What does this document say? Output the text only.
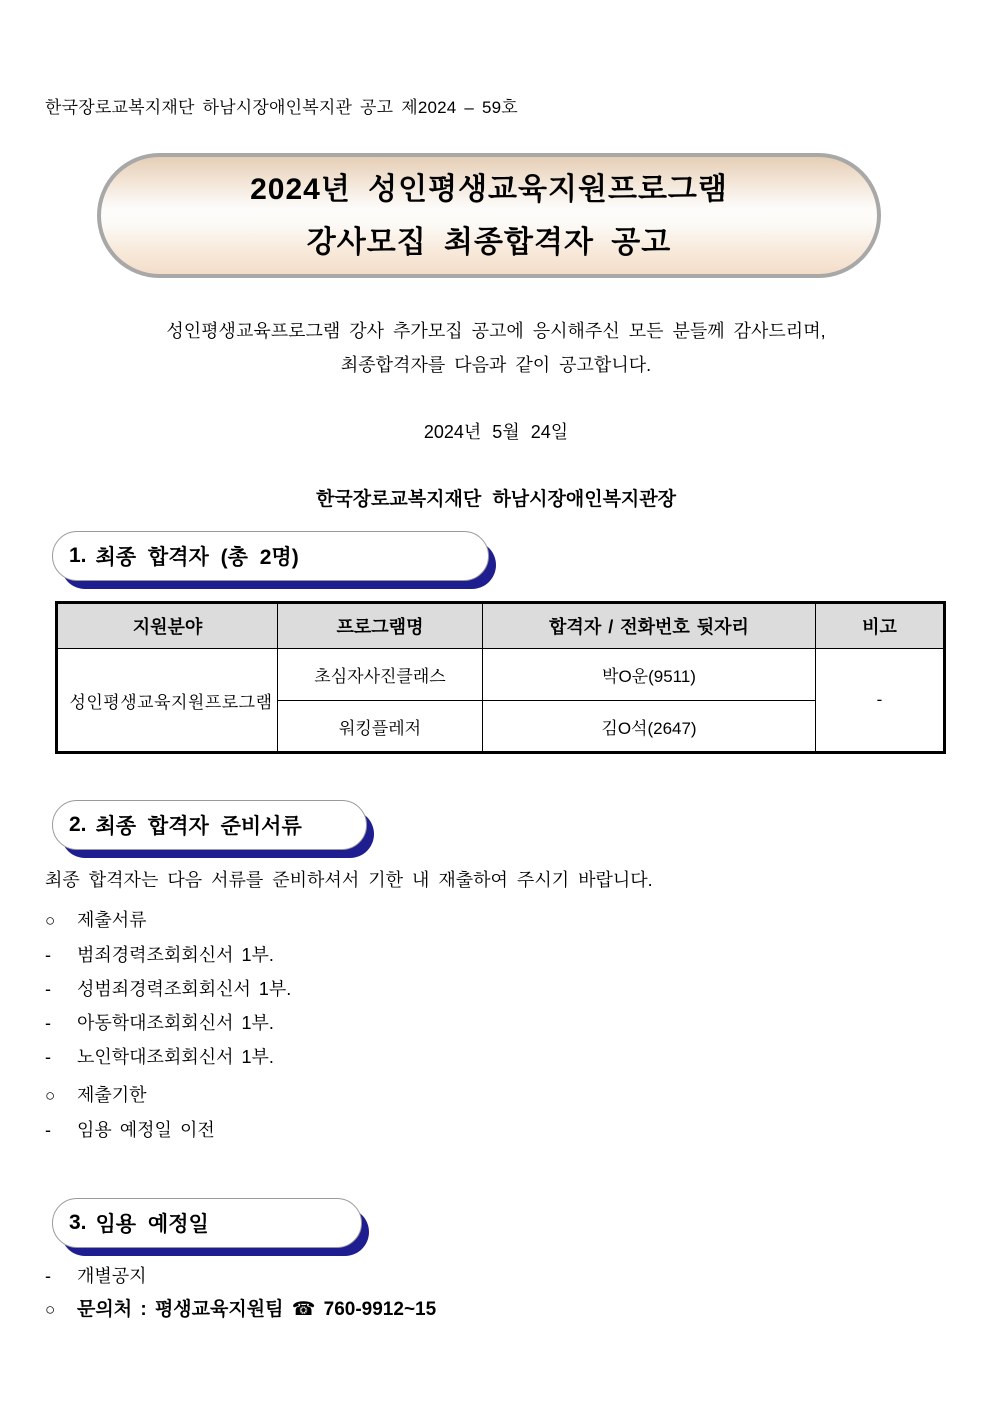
한국장로교복지재단 하남시장애인복지관 공고 제2024 – 59호
2024년 성인평생교육지원프로그램
강사모집 최종합격자 공고
성인평생교육프로그램 강사 추가모집 공고에 응시해주신 모든 분들께 감사드리며,
최종합격자를 다음과 같이 공고합니다.
2024년 5월 24일
한국장로교복지재단 하남시장애인복지관장
1. 최종 합격자 (총 2명)
지원분야	프로그램명	합격자 / 전화번호 뒷자리	비고
성인평생교육지원프로그램	초심자사진클래스	박O운(9511)	-
	워킹플레저	김O석(2647)	
2. 최종 합격자 준비서류
최종 합격자는 다음 서류를 준비하셔서 기한 내 재출하여 주시기 바랍니다.
○	제출서류
-	범죄경력조회회신서 1부.
-	성범죄경력조회회신서 1부.
-	아동학대조회회신서 1부.
-	노인학대조회회신서 1부.
○	제출기한
-	임용 예정일 이전
3. 임용 예정일
-	개별공지
○	문의처 : 평생교육지원팀 ☎ 760-9912~15
